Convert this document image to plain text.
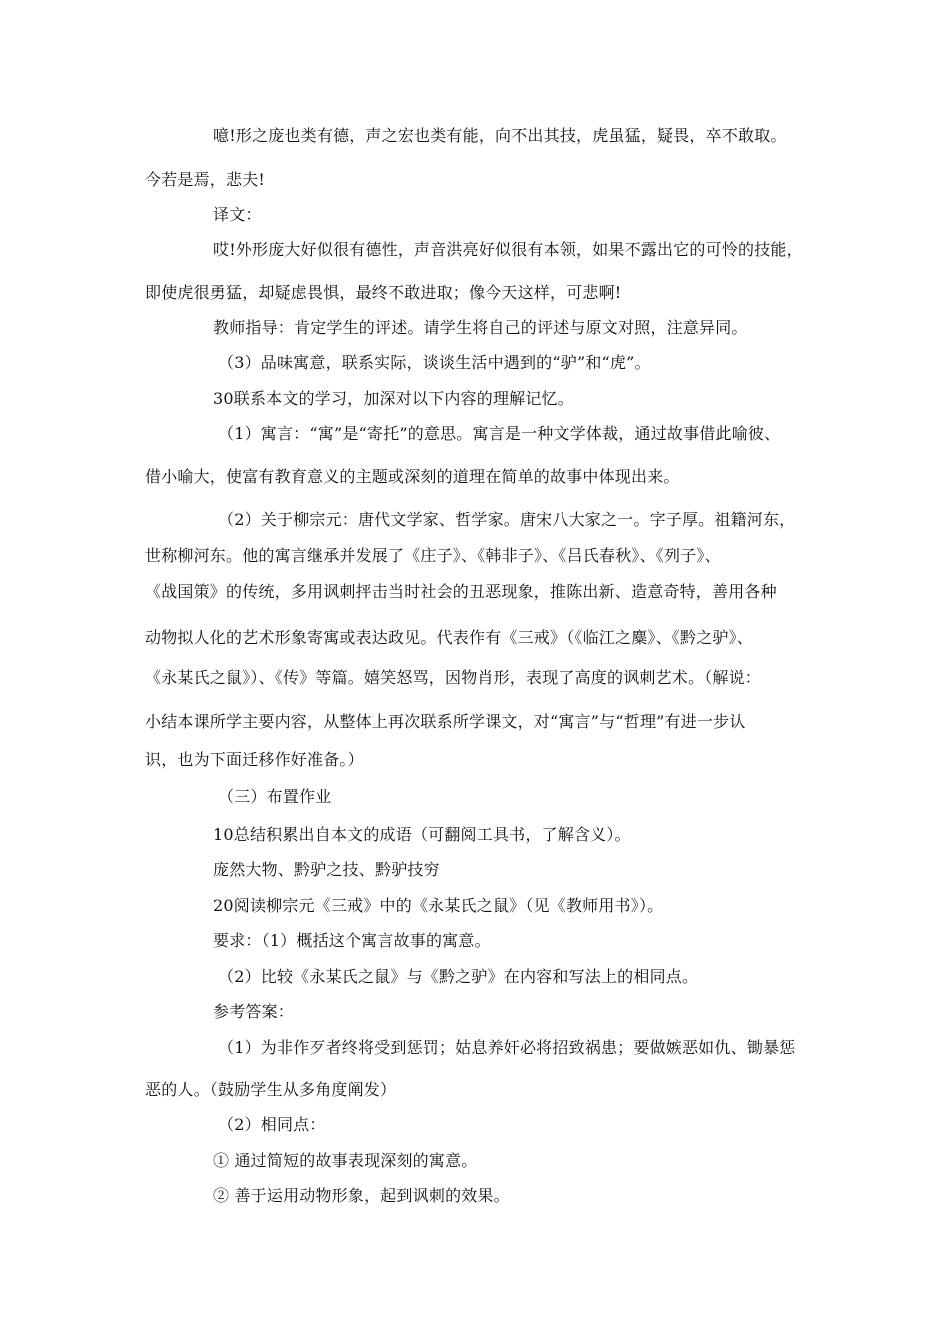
噫!形之庞也类有德，声之宏也类有能，向不出其技，虎虽猛，疑畏，卒不敢取。
今若是焉，悲夫!
译文：
哎!外形庞大好似很有德性，声音洪亮好似很有本领，如果不露出它的可怜的技能，
即使虎很勇猛，却疑虑畏惧，最终不敢进取；像今天这样，可悲啊!
教师指导：肯定学生的评述。请学生将自己的评述与原文对照，注意异同。
（3）品味寓意，联系实际，谈谈生活中遇到的“驴”和“虎”。
30联系本文的学习，加深对以下内容的理解记忆。
（1）寓言：“寓”是“寄托”的意思。寓言是一种文学体裁，通过故事借此喻彼、
借小喻大，使富有教育意义的主题或深刻的道理在简单的故事中体现出来。
（2）关于柳宗元：唐代文学家、哲学家。唐宋八大家之一。字子厚。祖籍河东，
世称柳河东。他的寓言继承并发展了《庄子》、《韩非子》、《吕氏春秋》、《列子》、
《战国策》的传统，多用讽刺抨击当时社会的丑恶现象，推陈出新、造意奇特，善用各种
动物拟人化的艺术形象寄寓或表达政见。代表作有《三戒》（《临江之麋》、《黔之驴》、
《永某氏之鼠》）、《传》等篇。嬉笑怒骂，因物肖形，表现了高度的讽刺艺术。（解说：
小结本课所学主要内容，从整体上再次联系所学课文，对“寓言”与“哲理”有进一步认
识，也为下面迁移作好准备。）
（三）布置作业
10总结积累出自本文的成语（可翻阅工具书，了解含义）。
庞然大物、黔驴之技、黔驴技穷
20阅读柳宗元《三戒》中的《永某氏之鼠》（见《教师用书》）。
要求：（1）概括这个寓言故事的寓意。
（2）比较《永某氏之鼠》与《黔之驴》在内容和写法上的相同点。
参考答案：
（1）为非作歹者终将受到惩罚；姑息养奸必将招致祸患；要做嫉恶如仇、锄暴惩
恶的人。（鼓励学生从多角度阐发）
（2）相同点：
① 通过简短的故事表现深刻的寓意。
② 善于运用动物形象，起到讽刺的效果。
